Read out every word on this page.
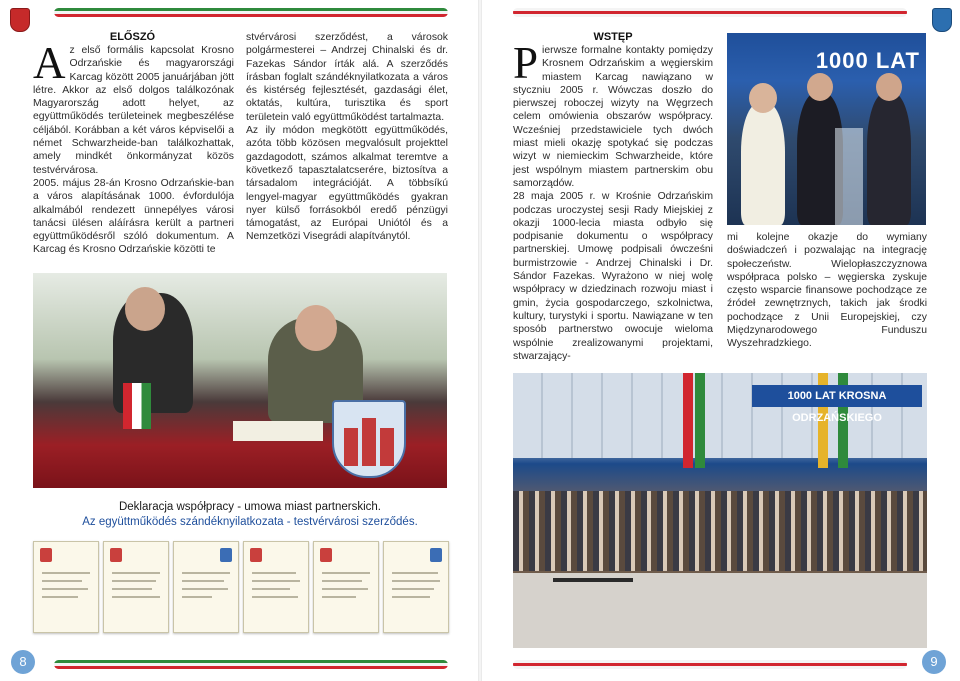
ELŐSZÓ
A z első formális kapcsolat Krosno Odrzańskie és magyarországi Karcag között 2005 januárjában jött létre. Akkor az első dolgos találkozónak Magyarország adott helyet, az együttműködés területeinek megbeszélése céljából. Korábban a két város képviselői a német Schwarzheide-ban találkozhattak, amely mindkét önkormányzat közös testvérvárosa.

2005. május 28-án Krosno Odrzańskie-ban a város alapításának 1000. évfordulója alkalmából rendezett ünnepélyes városi tanácsi ülésen aláírásra került a partneri együttműködésről szóló dokumentum. A Karcag és Krosno Odrzańskie közötti te

stvérvárosi szerződést, a városok polgármesterei – Andrzej Chinalski és dr. Fazekas Sándor írták alá. A szerződés írásban foglalt szándéknyilatkozata a város és kistérség fejlesztését, gazdasági élet, oktatás, kultúra, turisztika és sport területein való együttműködést tartalmazta.

Az ily módon megkötött együttműködés, azóta több közösen megvalósult projekttel gazdagodott, számos alkalmat teremtve a következő tapasztalatcserére, biztosítva a társadalom integrációját. A többsíkú lengyel-magyar együttműködés gyakran nyer külső forrásokból eredő pénzügyi támogatást, az Európai Uniótól és a Nemzetközi Visegrádi alapítványtól.

Deklaracja współpracy - umowa miast partnerskich.
Az együttműködés szándéknyilatkozata - testvérvárosi szerződés.
8
WSTĘP
P ierwsze formalne kontakty pomiędzy Krosnem Odrzańskim a węgierskim miastem Karcag nawiązano w styczniu 2005 r. Wówczas doszło do pierwszej roboczej wizyty na Węgrzech celem omówienia obszarów współpracy. Wcześniej przedstawiciele tych dwóch miast mieli okazję spotykać się podczas wizyt w niemieckim Schwarzheide, które jest wspólnym miastem partnerskim obu samorządów.

28 maja 2005 r. w Krośnie Odrzańskim podczas uroczystej sesji Rady Miejskiej z okazji 1000-lecia miasta odbyło się podpisanie dokumentu o współpracy partnerskiej. Umowę podpisali ówcześni burmistrzowie - Andrzej Chinalski i Dr. Sándor Fazekas. Wyrażono w niej wolę współpracy w dziedzinach rozwoju miast i gmin, życia gospodarczego, szkolnictwa, kultury, turystyki i sportu. Nawiązane w ten sposób partnerstwo owocuje wieloma wspólnie zrealizowanymi projektami, stwarzający-

1000 LAT

mi kolejne okazje do wymiany doświadczeń i pozwalając na integrację społeczeństw. Wielopłaszczyznowa współpraca polsko – węgierska zyskuje często wsparcie finansowe pochodzące ze źródeł zewnętrznych, takich jak środki pochodzące z Unii Europejskiej, czy Międzynarodowego Funduszu Wyszehradzkiego.

1000 LAT KROSNA ODRZAŃSKIEGO
9
